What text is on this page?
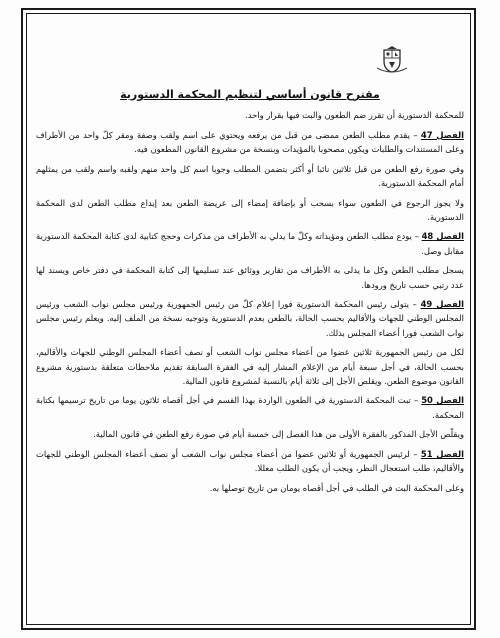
مقترح قانون أساسي لتنظيم المحكمة الدستورية

للمحكمة الدستورية أن تقرر ضم الطعون والبت فيها بقرار واحد.

الفصل 47 – يقدم مطلب الطعن ممضى من قبل من يرفعه ويحتوي على اسم ولقب وصفة ومقر كلّ واحد من الأطراف وعلى المستندات والطلبات ويكون مصحوبا بالمؤيدات وبنسخة من مشروع القانون المطعون فيه.

وفي صورة رفع الطعن من قبل ثلاثين نائبا أو أكثر يتضمن المطلب وجوبا اسم كل واحد منهم ولقبه واسم ولقب من يمثلهم أمام المحكمة الدستورية.

ولا يجوز الرجوع في الطعون سواء بسحب أو بإضافة إمضاء إلى عريضة الطعن بعد إيداع مطلب الطعن لدى المحكمة الدستورية.

الفصل 48 – يودع مطلب الطعن ومؤيداته وكلّ ما يدلي به الأطراف من مذكرات وحجج كتابية لدى كتابة المحكمة الدستورية مقابل وصل.

يسجل مطلب الطعن وكل ما يدلى به الأطراف من تقارير ووثائق عند تسليمها إلى كتابة المحكمة في دفتر خاص ويسند لها عدد رتبي حسب تاريخ ورودها.

الفصل 49 – يتولى رئيس المحكمة الدستورية فورا إعلام كلّ من رئيس الجمهورية ورئيس مجلس نواب الشعب ورئيس المجلس الوطني للجهات والأقاليم بحسب الحالة، بالطعن بعدم الدستورية وتوجيه نسخة من الملف إليه. ويعلم رئيس مجلس نواب الشعب فورا أعضاء المجلس بذلك.

لكل من رئيس الجمهورية ثلاثين عضوا من أعضاء مجلس نواب الشعب أو نصف أعضاء المجلس الوطني للجهات والأقاليم، بحسب الحالة، في أجل سبعة أيام من الإعلام المشار إليه في الفقرة السابقة تقديم ملاحظات متعلقة بدستورية مشروع القانون موضوع الطعن. ويقلص الأجل إلى ثلاثة أيام بالنسبة لمشروع قانون المالية.

الفصل 50 – تبت المحكمة الدستورية في الطعون الواردة بهذا القسم في أجل أقصاه ثلاثون يوما من تاريخ ترسيمها بكتابة المحكمة.

ويقلّص الأجل المذكور بالفقرة الأولى من هذا الفصل إلى خمسة أيام في صورة رفع الطعن في قانون المالية.

الفصل 51 – لرئيس الجمهورية أو ثلاثين عضوا من أعضاء مجلس نواب الشعب أو نصف أعضاء المجلس الوطني للجهات والأقاليم، طلب استعجال النظر، ويجب أن يكون الطلب معللا.

وعلى المحكمة البت في الطلب في أجل أقصاه يومان من تاريخ توصلها به.
